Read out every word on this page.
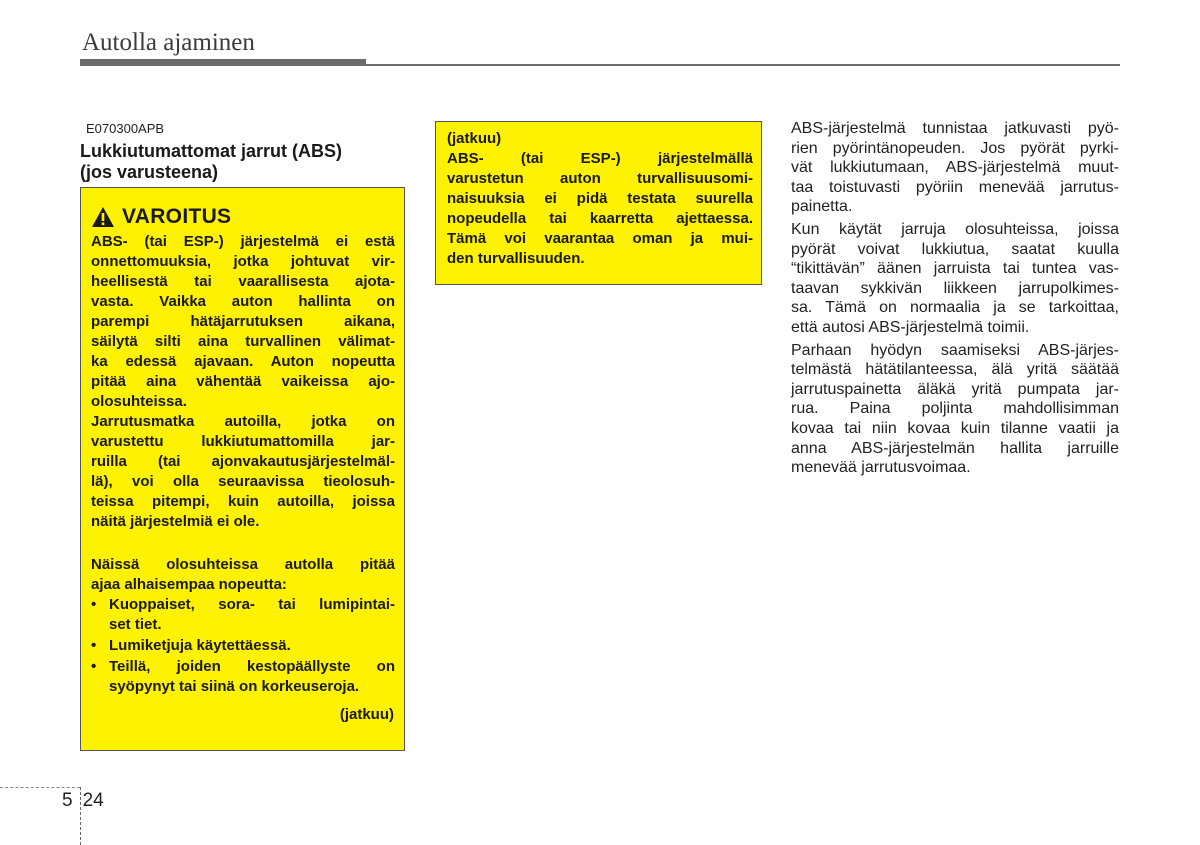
Autolla ajaminen
E070300APB
Lukkiutumattomat jarrut (ABS)
(jos varusteena)
VAROITUS
ABS- (tai ESP-) järjestelmä ei estä
onnettomuuksia, jotka johtuvat vir-
heellisestä tai vaarallisesta ajota-
vasta. Vaikka auton hallinta on
parempi hätäjarrutuksen aikana,
säilytä silti aina turvallinen välimat-
ka edessä ajavaan. Auton nopeutta
pitää aina vähentää vaikeissa ajo-
olosuhteissa.
Jarrutusmatka autoilla, jotka on
varustettu lukkiutumattomilla jar-
ruilla (tai ajonvakautusjärjestelmäl-
lä), voi olla seuraavissa tieolosuh-
teissa pitempi, kuin autoilla, joissa
näitä järjestelmiä ei ole.
Näissä olosuhteissa autolla pitää
ajaa alhaisempaa nopeutta:
• Kuoppaiset, sora- tai lumipintai-
set tiet.
• Lumiketjuja käytettäessä.
• Teillä, joiden kestopäällyste on
syöpynyt tai siinä on korkeuseroja.
(jatkuu)
(jatkuu)
ABS- (tai ESP-) järjestelmällä
varustetun auton turvallisuusomi-
naisuuksia ei pidä testata suurella
nopeudella tai kaarretta ajettaessa.
Tämä voi vaarantaa oman ja mui-
den turvallisuuden.
ABS-järjestelmä tunnistaa jatkuvasti pyö-
rien pyörintänopeuden. Jos pyörät pyrki-
vät lukkiutumaan, ABS-järjestelmä muut-
taa toistuvasti pyöriin menevää jarrutus-
painetta.
Kun käytät jarruja olosuhteissa, joissa
pyörät voivat lukkiutua, saatat kuulla
“tikittävän” äänen jarruista tai tuntea vas-
taavan sykkivän liikkeen jarrupolkimes-
sa. Tämä on normaalia ja se tarkoittaa,
että autosi ABS-järjestelmä toimii.
Parhaan hyödyn saamiseksi ABS-järjes-
telmästä hätätilanteessa, älä yritä säätää
jarrutuspainetta äläkä yritä pumpata jar-
rua. Paina poljinta mahdollisimman
kovaa tai niin kovaa kuin tilanne vaatii ja
anna ABS-järjestelmän hallita jarruille
menevää jarrutusvoimaa.
5 24
